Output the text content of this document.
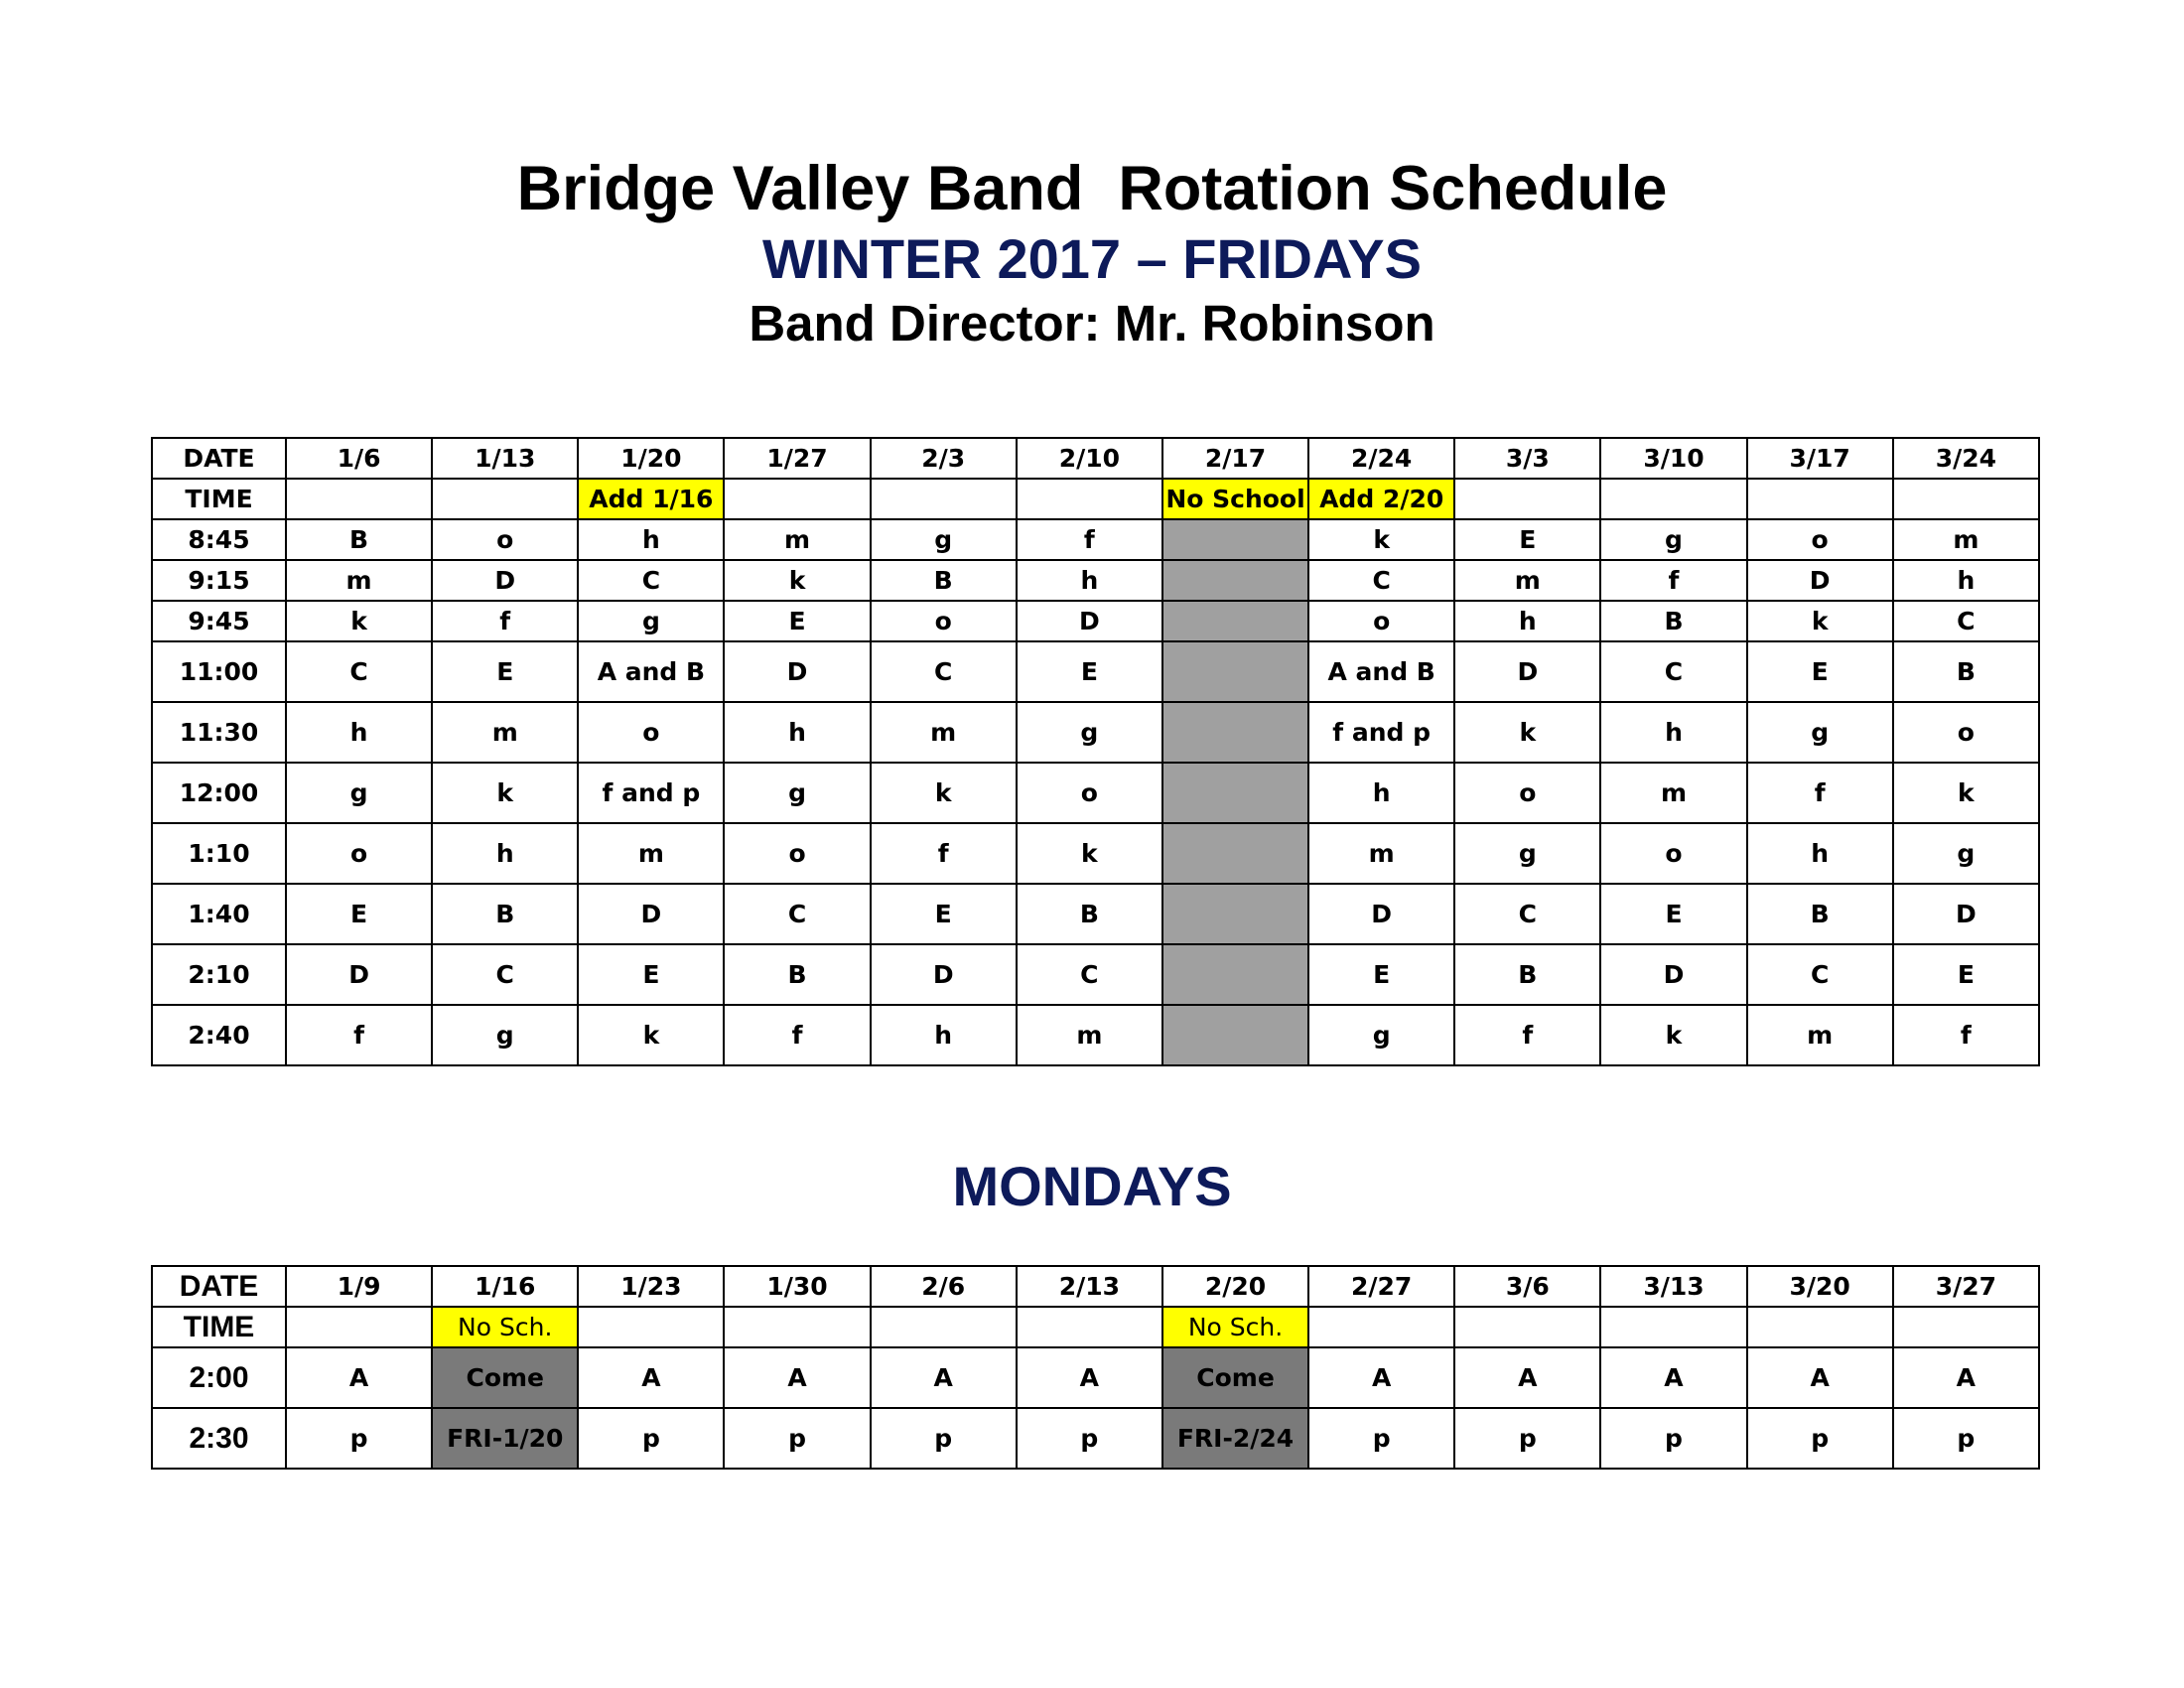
Bridge Valley Band  Rotation Schedule
WINTER 2017 – FRIDAYS
Band Director: Mr. Robinson
DATE	1/6	1/13	1/20	1/27	2/3	2/10	2/17	2/24	3/3	3/10	3/17	3/24
TIME			Add 1/16				No School	Add 2/20				
8:45	B	o	h	m	g	f		k	E	g	o	m
9:15	m	D	C	k	B	h		C	m	f	D	h
9:45	k	f	g	E	o	D		o	h	B	k	C
11:00	C	E	A and B	D	C	E		A and B	D	C	E	B
11:30	h	m	o	h	m	g		f and p	k	h	g	o
12:00	g	k	f and p	g	k	o		h	o	m	f	k
1:10	o	h	m	o	f	k		m	g	o	h	g
1:40	E	B	D	C	E	B		D	C	E	B	D
2:10	D	C	E	B	D	C		E	B	D	C	E
2:40	f	g	k	f	h	m		g	f	k	m	f
MONDAYS
DATE	1/9	1/16	1/23	1/30	2/6	2/13	2/20	2/27	3/6	3/13	3/20	3/27
TIME		No Sch.					No Sch.					
2:00	A	Come	A	A	A	A	Come	A	A	A	A	A
2:30	p	FRI-1/20	p	p	p	p	FRI-2/24	p	p	p	p	p
